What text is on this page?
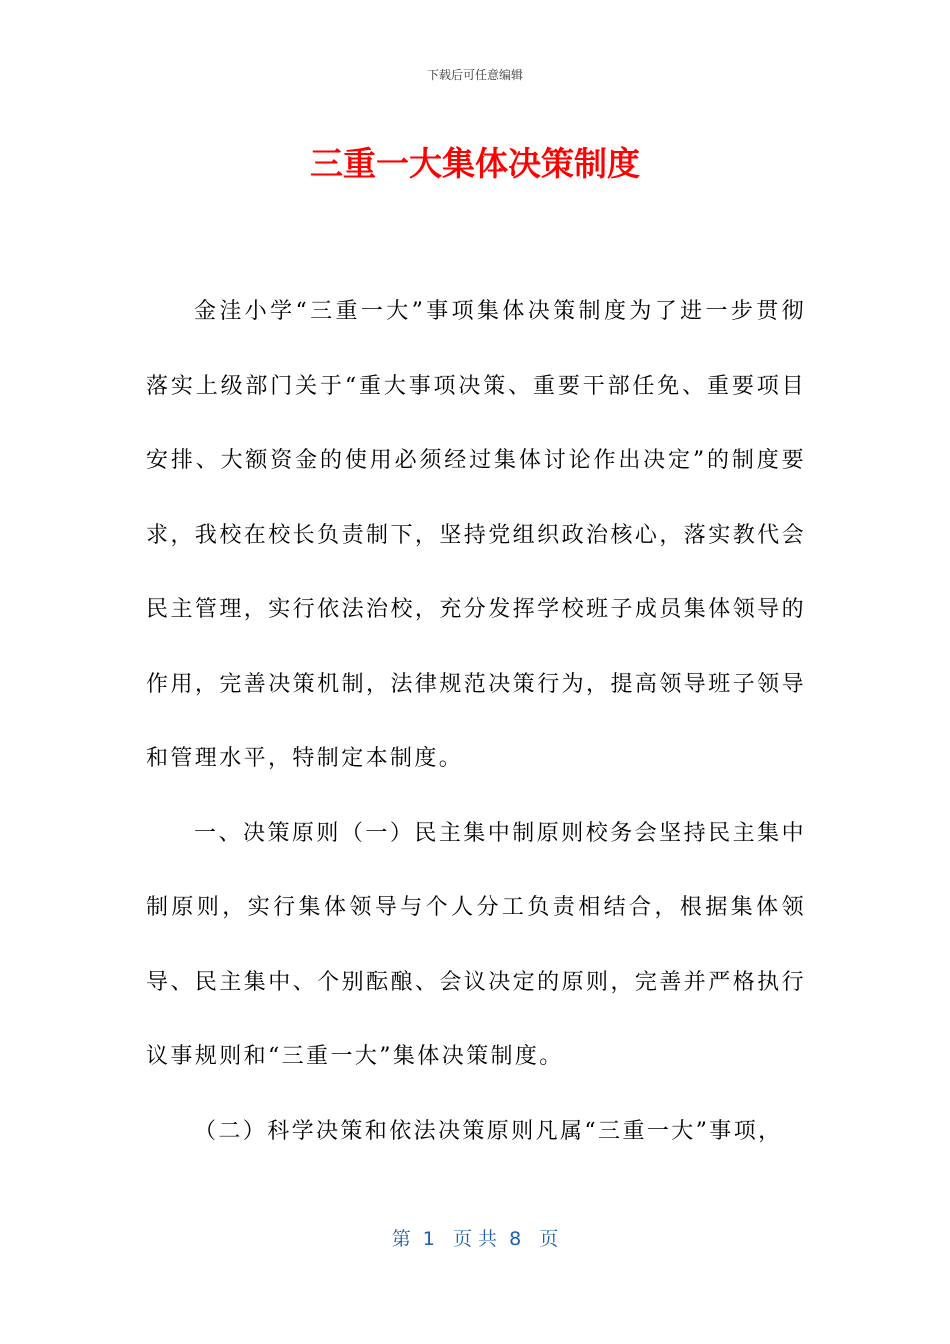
下载后可任意编辑
三重一大集体决策制度

金洼小学“三重一大”事项集体决策制度为了进一步贯彻落实上级部门关于“重大事项决策、重要干部任免、重要项目安排、大额资金的使用必须经过集体讨论作出决定”的制度要求，我校在校长负责制下，坚持党组织政治核心，落实教代会民主管理，实行依法治校，充分发挥学校班子成员集体领导的作用，完善决策机制，法律规范决策行为，提高领导班子领导和管理水平，特制定本制度。

一、决策原则（一）民主集中制原则校务会坚持民主集中制原则，实行集体领导与个人分工负责相结合，根据集体领导、民主集中、个别酝酿、会议决定的原则，完善并严格执行议事规则和“三重一大”集体决策制度。

（二）科学决策和依法决策原则凡属“三重一大”事项，

第  1   页 共  8   页
